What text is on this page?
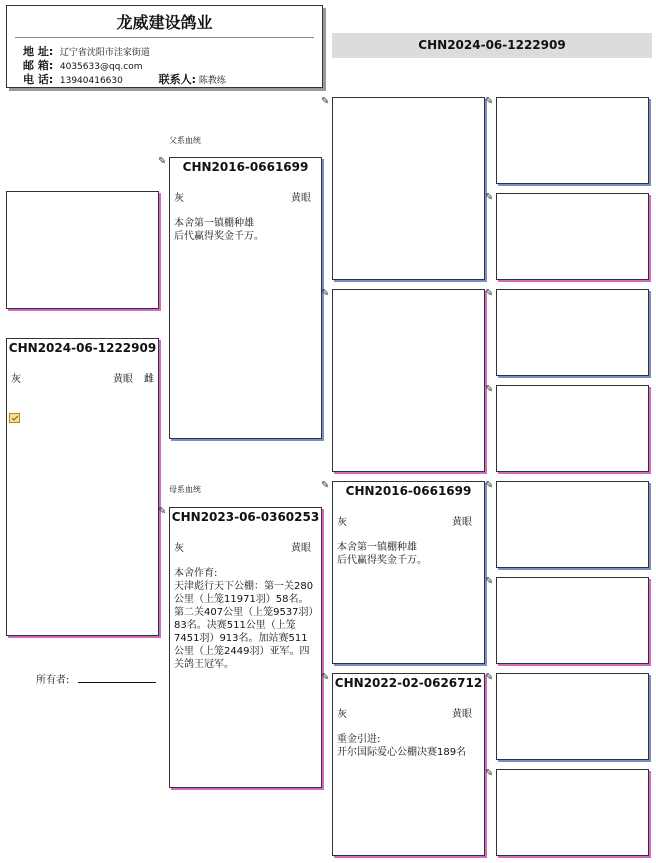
龙威建设鸽业
地 址: 辽宁省沈阳市洼家街道
邮 箱: 4035633@qq.com
电 话: 13940416630	联系人: 陈教练
CHN2024-06-1222909
CHN2024-06-1222909
灰	黄眼 雌
所有者:
父系血统
母系血统
✎	CHN2016-0661699
灰	黄眼
本舍第一镇棚种雄
后代赢得奖金千万。
✎ CHN2023-06-0360253
灰	黄眼
本舍作育:
天津彪行天下公棚：第一关280公里（上笼11971羽）58名。第二关407公里（上笼9537羽）83名。决赛511公里（上笼7451羽）913名。加站赛511公里（上笼2449羽）亚军。四关鸽王冠军。
✎
✎
✎	CHN2016-0661699
灰	黄眼
本舍第一镇棚种雄
后代赢得奖金千万。
✎ CHN2022-02-0626712
灰	黄眼
重金引进:
开尔国际爱心公棚决赛189名
✎
✎
✎
✎
✎
✎
✎
✎
